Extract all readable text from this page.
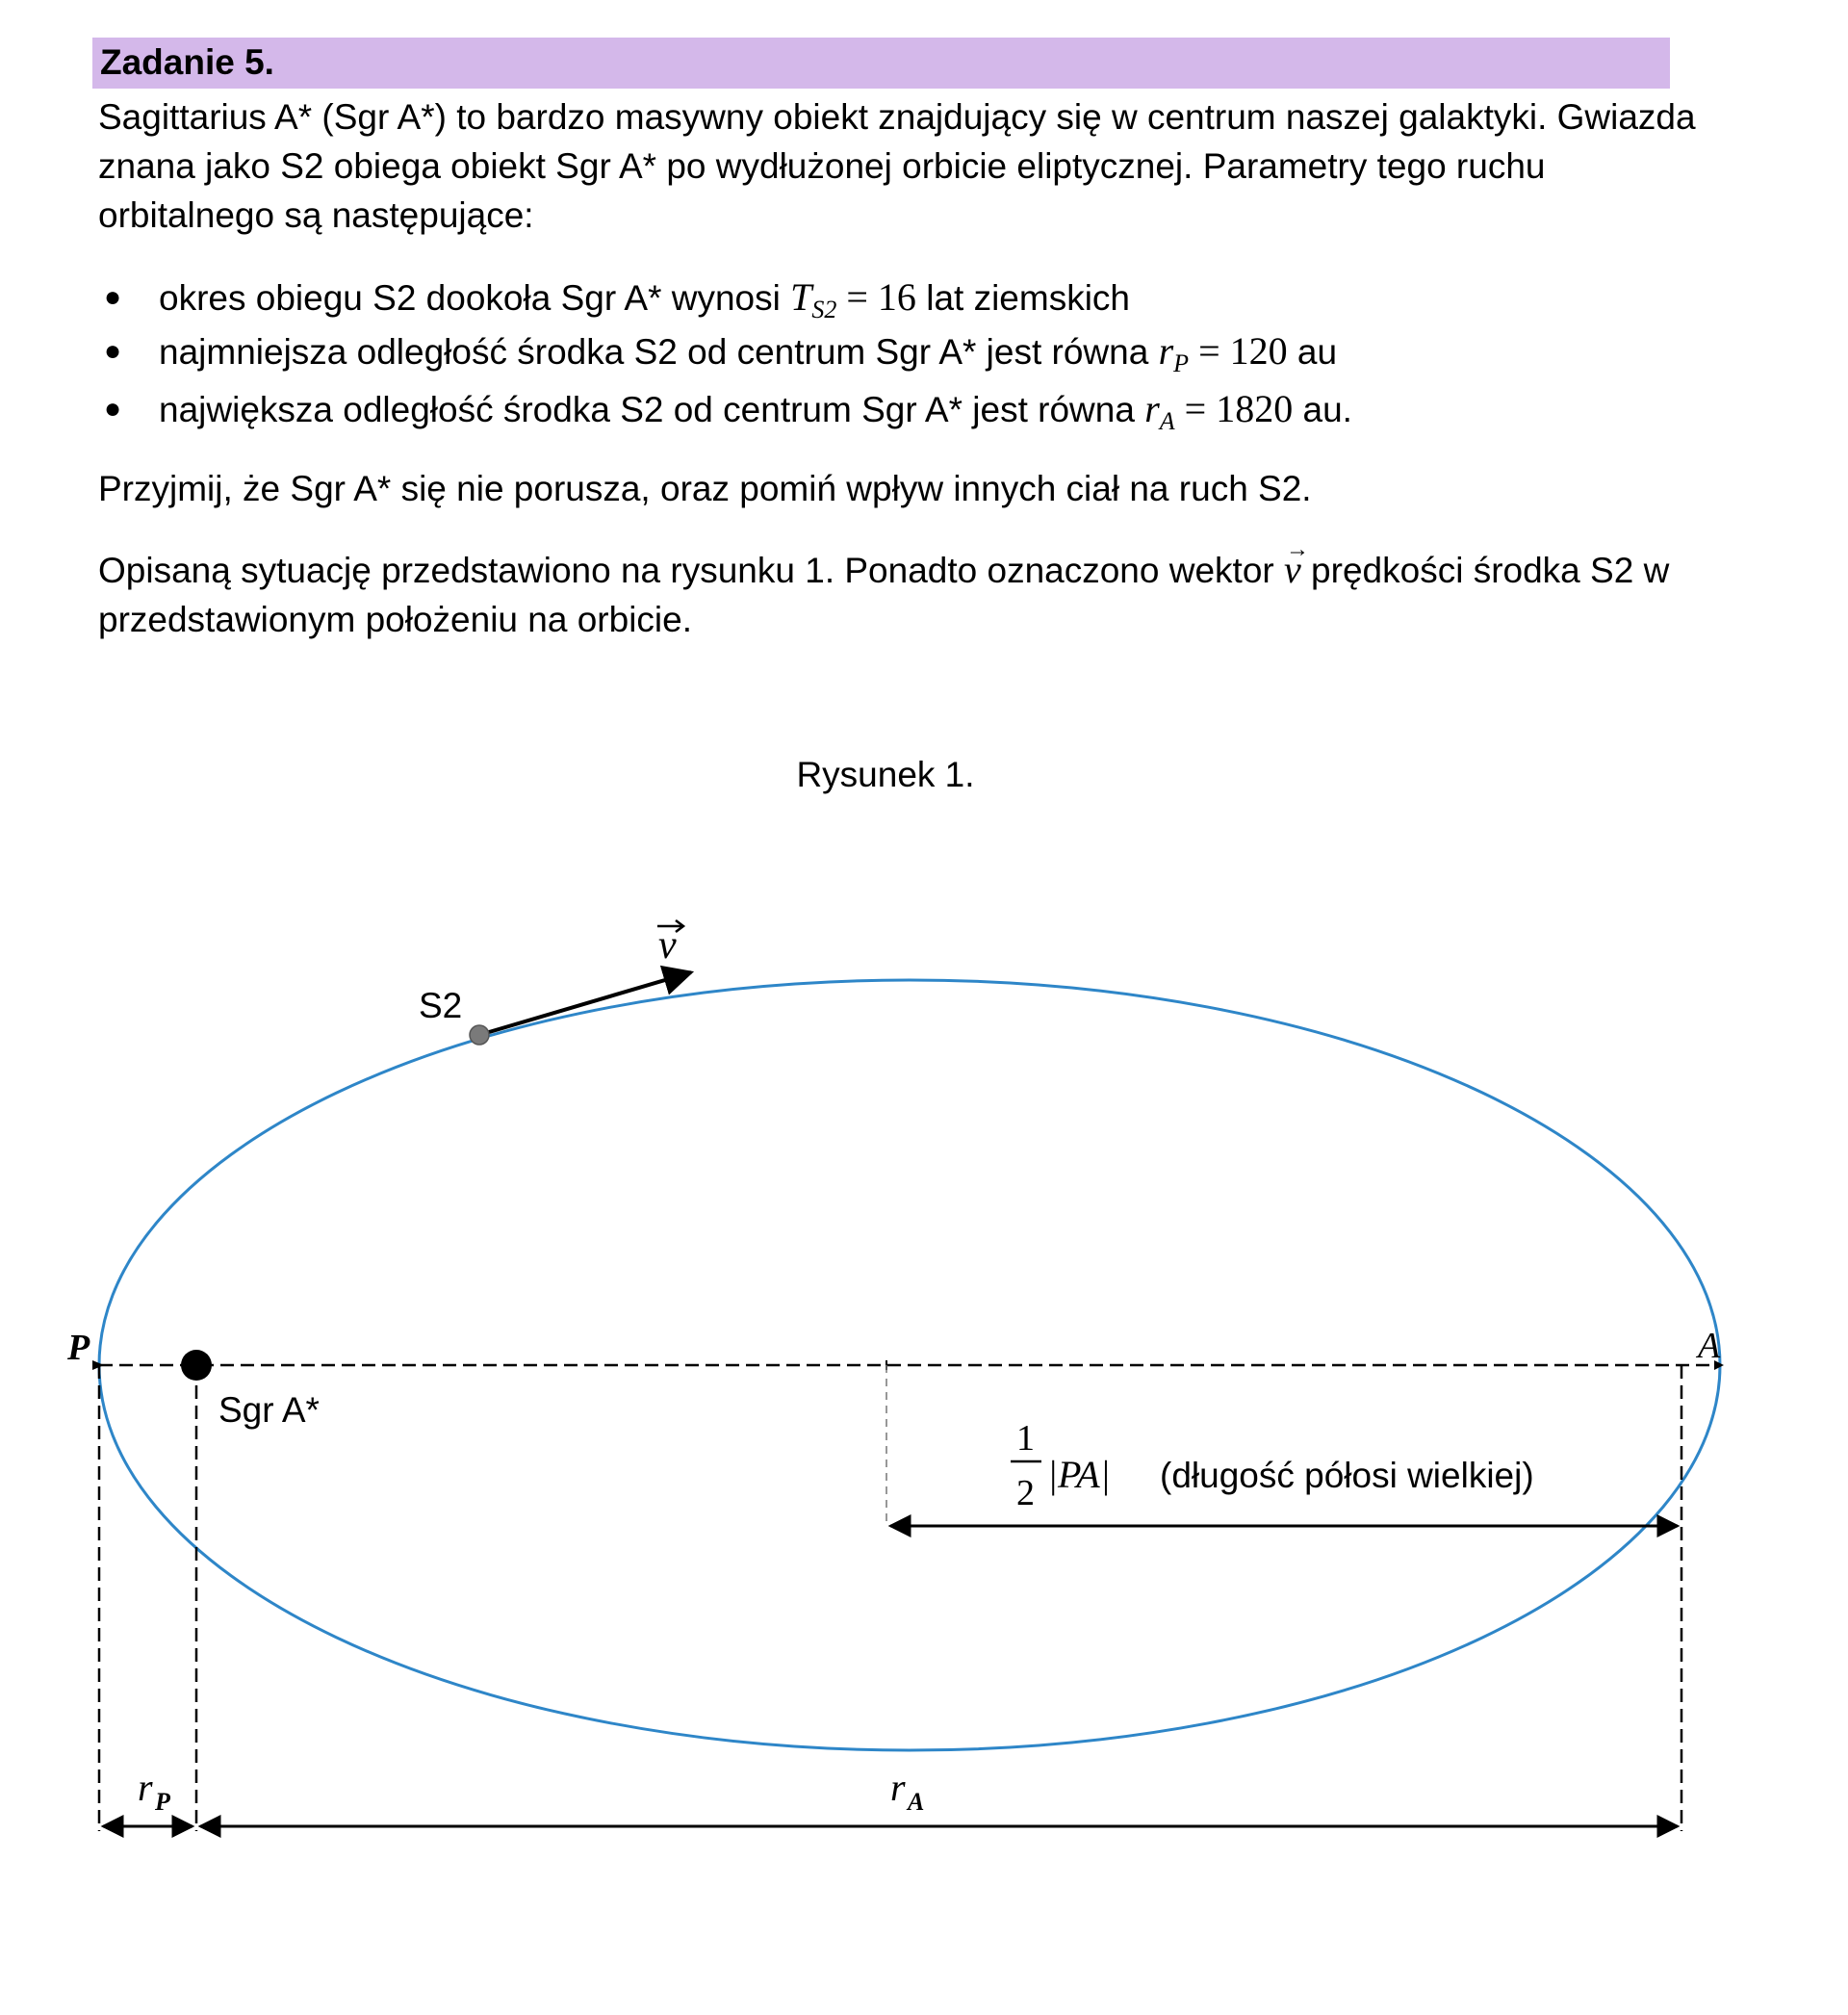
Zadanie 5.

Sagittarius A* (Sgr A*) to bardzo masywny obiekt znajdujący się w centrum naszej galaktyki. Gwiazda znana jako S2 obiega obiekt Sgr A* po wydłużonej orbicie eliptycznej. Parametry tego ruchu orbitalnego są następujące:

● okres obiegu S2 dookoła Sgr A* wynosi $T_{S2} = 16$ lat ziemskich
● najmniejsza odległość środka S2 od centrum Sgr A* jest równa $r_P = 120$ au
● największa odległość środka S2 od centrum Sgr A* jest równa $r_A = 1820$ au.

Przyjmij, że Sgr A* się nie porusza, oraz pomiń wpływ innych ciał na ruch S2.

Opisaną sytuację przedstawiono na rysunku 1. Ponadto oznaczono wektor → v prędkości środka S2 w przedstawionym położeniu na orbicie.

Rysunek 1.
S2
v
P	A
Sgr A*
1
2 |PA| (długość półosi wielkiej)
r P	r A
